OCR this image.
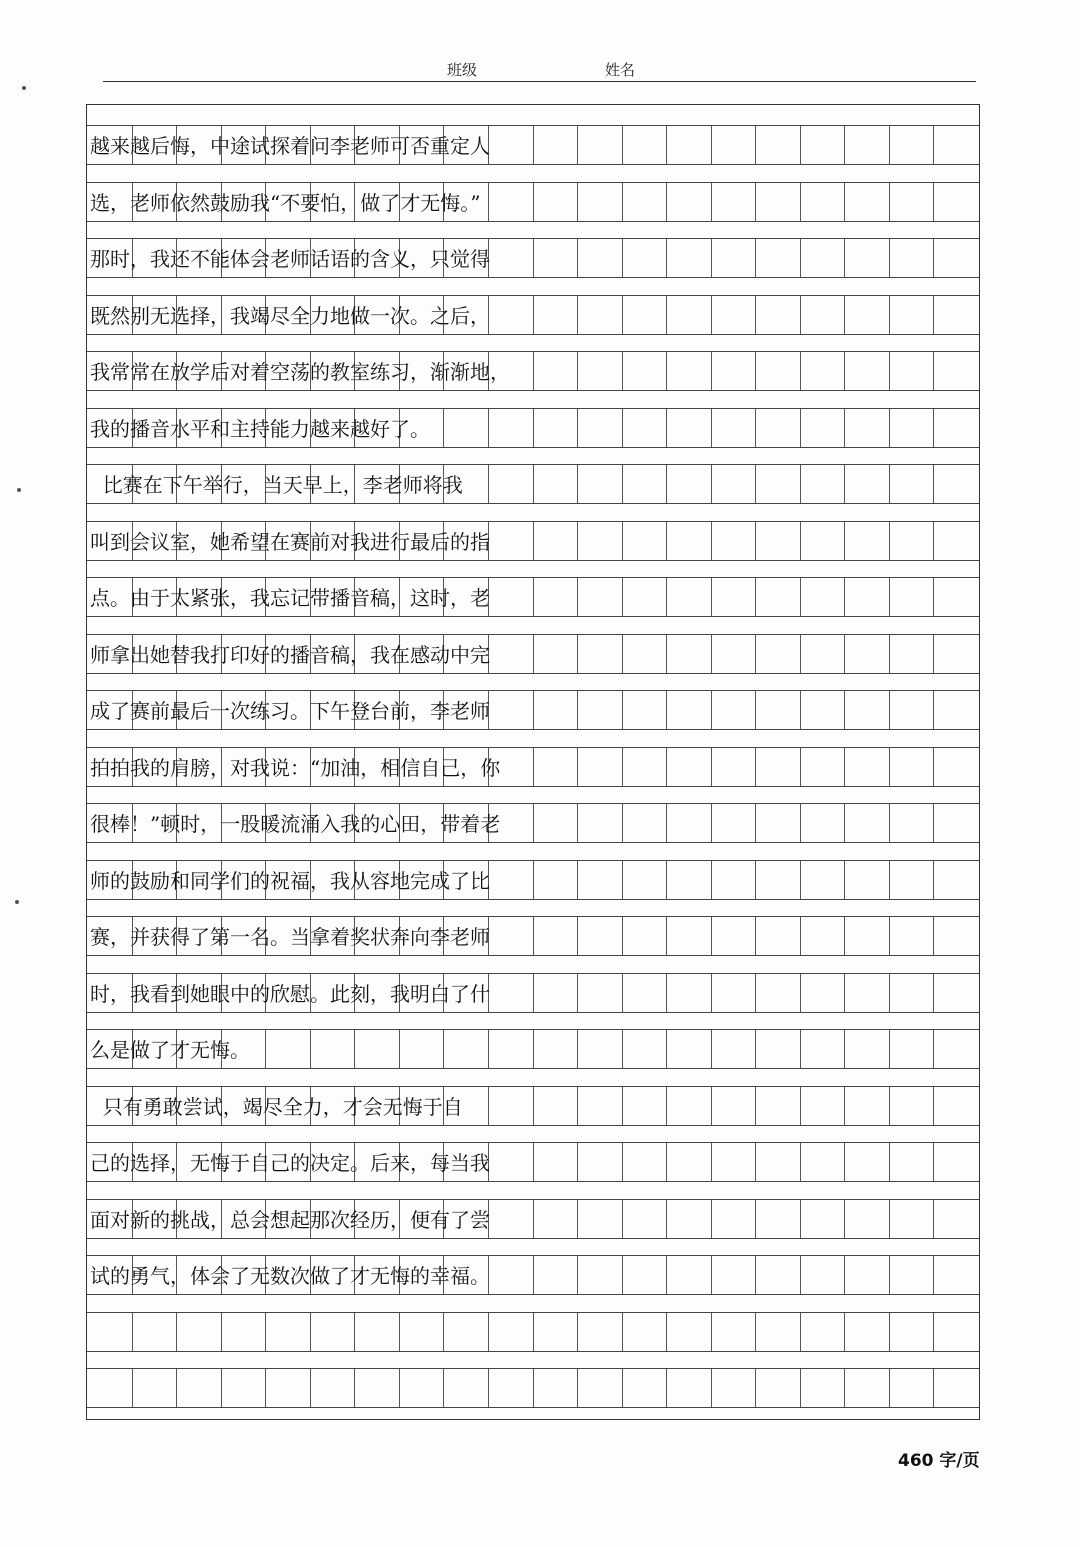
班级	姓名
越来越后悔，中途试探着问李老师可否重定人
选，老师依然鼓励我“不要怕，做了才无悔。”
那时，我还不能体会老师话语的含义，只觉得
既然别无选择，我竭尽全力地做一次。之后，
我常常在放学后对着空荡的教室练习，渐渐地，
我的播音水平和主持能力越来越好了。
比赛在下午举行，当天早上，李老师将我
叫到会议室，她希望在赛前对我进行最后的指
点。由于太紧张，我忘记带播音稿，这时，老
师拿出她替我打印好的播音稿，我在感动中完
成了赛前最后一次练习。下午登台前，李老师
拍拍我的肩膀，对我说：“加油，相信自己，你
很棒！”顿时，一股暖流涌入我的心田，带着老
师的鼓励和同学们的祝福，我从容地完成了比
赛，并获得了第一名。当拿着奖状奔向李老师
时，我看到她眼中的欣慰。此刻，我明白了什
么是做了才无悔。
只有勇敢尝试，竭尽全力，才会无悔于自
己的选择，无悔于自己的决定。后来，每当我
面对新的挑战，总会想起那次经历，便有了尝
试的勇气，体会了无数次做了才无悔的幸福。
460 字/页
